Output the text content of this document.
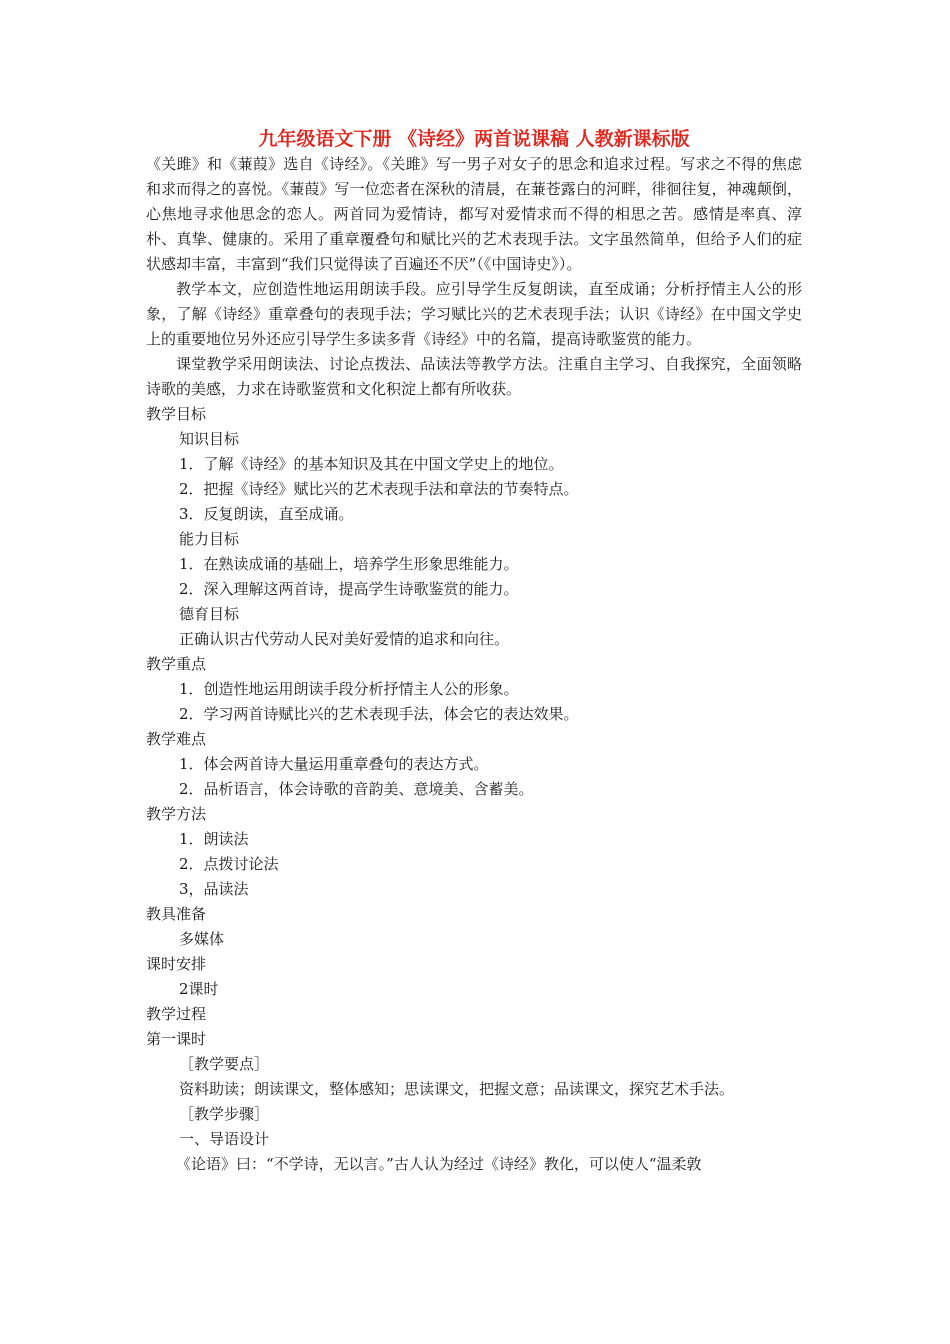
九年级语文下册 《诗经》两首说课稿 人教新课标版

《关雎》和《蒹葭》选自《诗经》。《关雎》写一男子对女子的思念和追求过程。写求之不得的焦虑和求而得之的喜悦。《蒹葭》写一位恋者在深秋的清晨，在蒹苍露白的河畔，徘徊往复，神魂颠倒，心焦地寻求他思念的恋人。两首同为爱情诗，都写对爱情求而不得的相思之苦。感情是率真、淳朴、真挚、健康的。采用了重章覆叠句和赋比兴的艺术表现手法。文字虽然简单，但给予人们的症状感却丰富，丰富到“我们只觉得读了百遍还不厌”（《中国诗史》）。

教学本文，应创造性地运用朗读手段。应引导学生反复朗读，直至成诵；分析抒情主人公的形象，了解《诗经》重章叠句的表现手法；学习赋比兴的艺术表现手法；认识《诗经》在中国文学史上的重要地位另外还应引导学生多读多背《诗经》中的名篇，提高诗歌鉴赏的能力。

课堂教学采用朗读法、讨论点拨法、品读法等教学方法。注重自主学习、自我探究，全面领略诗歌的美感，力求在诗歌鉴赏和文化积淀上都有所收获。

教学目标

知识目标

1．了解《诗经》的基本知识及其在中国文学史上的地位。

2．把握《诗经》赋比兴的艺术表现手法和章法的节奏特点。

3．反复朗读，直至成诵。

能力目标

1．在熟读成诵的基础上，培养学生形象思维能力。

2．深入理解这两首诗，提高学生诗歌鉴赏的能力。

德育目标

正确认识古代劳动人民对美好爱情的追求和向往。

教学重点

1．创造性地运用朗读手段分析抒情主人公的形象。

2．学习两首诗赋比兴的艺术表现手法，体会它的表达效果。

教学难点

1．体会两首诗大量运用重章叠句的表达方式。

2．品析语言，体会诗歌的音韵美、意境美、含蓄美。

教学方法

1．朗读法

2．点拨讨论法

3，品读法

教具准备

多媒体

课时安排

2课时

教学过程

第一课时

［教学要点］

资料助读；朗读课文，整体感知；思读课文，把握文意；品读课文，探究艺术手法。

［教学步骤］

一、导语设计

《论语》曰：“不学诗，无以言。”古人认为经过《诗经》教化，可以使人“温柔敦
